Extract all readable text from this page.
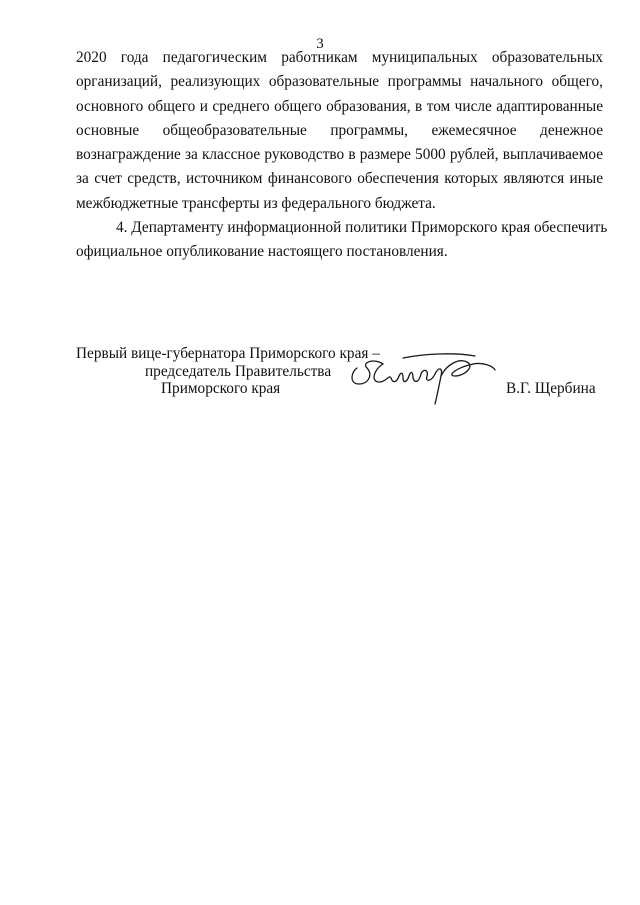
3
2020 года педагогическим работникам муниципальных образовательных
организаций, реализующих образовательные программы начального общего,
основного общего и среднего общего образования, в том числе адаптированные
основные общеобразовательные программы, ежемесячное денежное
вознаграждение за классное руководство в размере 5000 рублей, выплачиваемое
за счет средств, источником финансового обеспечения которых являются иные
межбюджетные трансферты из федерального бюджета.
4. Департаменту информационной политики Приморского края обеспечить
официальное опубликование настоящего постановления.
Первый вице-губернатора Приморского края –
председатель Правительства
Приморского края	В.Г. Щербина
